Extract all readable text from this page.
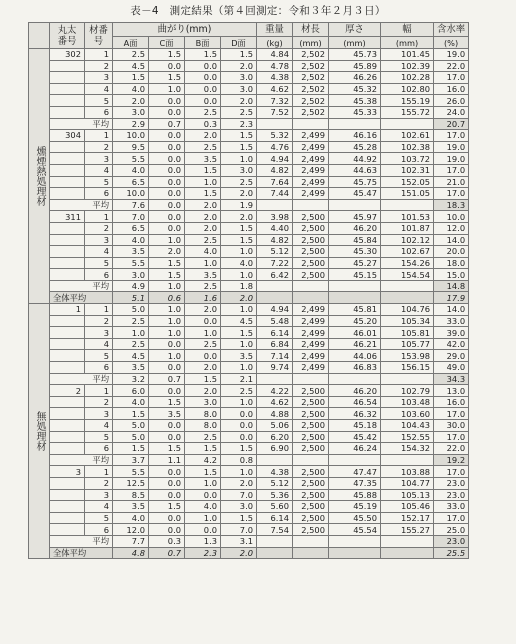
表－4　測定結果（第４回測定：令和３年２月３日）
	丸太番号	材番号	曲がり(mm)				重量	材長	厚さ	幅	含水率
			A面	C面	B面	D面	(kg)	(mm)	(mm)	(mm)	(%)
燻煙熱処理材	302	1	2.5	1.5	1.5	1.5	4.84	2,502	45.73	101.45	19.0
		2	4.5	0.0	0.0	2.0	4.78	2,502	45.89	102.39	22.0
		3	1.5	1.5	0.0	3.0	4.38	2,502	46.26	102.28	17.0
		4	4.0	1.0	0.0	3.0	4.62	2,502	45.32	102.80	16.0
		5	2.0	0.0	0.0	2.0	7.32	2,502	45.38	155.19	26.0
		6	3.0	0.0	2.5	2.5	7.52	2,502	45.33	155.72	24.0
	平均		2.9	0.7	0.3	2.3					20.7
	304	1	10.0	0.0	2.0	1.5	5.32	2,499	46.16	102.61	17.0
		2	9.5	0.0	2.5	1.5	4.76	2,499	45.28	102.38	19.0
		3	5.5	0.0	3.5	1.0	4.94	2,499	44.92	103.72	19.0
		4	4.0	0.0	1.5	3.0	4.82	2,499	44.63	102.31	17.0
		5	6.5	0.0	1.0	2.5	7.64	2,499	45.75	152.05	21.0
		6	10.0	0.0	1.5	2.0	7.44	2,499	45.47	151.05	17.0
	平均		7.6	0.0	2.0	1.9					18.3
	311	1	7.0	0.0	2.0	2.0	3.98	2,500	45.97	101.53	10.0
		2	6.5	0.0	2.0	1.5	4.40	2,500	46.20	101.87	12.0
		3	4.0	1.0	2.5	1.5	4.82	2,500	45.84	102.12	14.0
		4	3.5	2.0	4.0	1.0	5.12	2,500	45.30	102.67	20.0
		5	5.5	1.5	1.0	4.0	7.22	2,500	45.27	154.26	18.0
		6	3.0	1.5	3.5	1.0	6.42	2,500	45.15	154.54	15.0
	平均		4.9	1.0	2.5	1.8					14.8
	全体平均		5.1	0.6	1.6	2.0					17.9
無処理材	1	1	5.0	1.0	2.0	1.0	4.94	2,499	45.81	104.76	14.0
		2	2.5	1.0	0.0	4.5	5.48	2,499	45.20	105.34	33.0
		3	1.0	1.0	1.0	1.5	6.14	2,499	46.01	105.81	39.0
		4	2.5	0.0	2.5	1.0	6.84	2,499	46.21	105.77	42.0
		5	4.5	1.0	0.0	3.5	7.14	2,499	44.06	153.98	29.0
		6	3.5	0.0	2.0	1.0	9.74	2,499	46.83	156.15	49.0
	平均		3.2	0.7	1.5	2.1					34.3
	2	1	6.0	0.0	2.0	2.5	4.22	2,500	46.20	102.79	13.0
		2	4.0	1.5	3.0	1.0	4.62	2,500	46.54	103.48	16.0
		3	1.5	3.5	8.0	0.0	4.88	2,500	46.32	103.60	17.0
		4	5.0	0.0	8.0	0.0	5.06	2,500	45.18	104.43	30.0
		5	5.0	0.0	2.5	0.0	6.20	2,500	45.42	152.55	17.0
		6	1.5	1.5	1.5	1.5	6.90	2,500	46.24	154.32	22.0
	平均		3.7	1.1	4.2	0.8					19.2
	3	1	5.5	0.0	1.5	1.0	4.38	2,500	47.47	103.88	17.0
		2	12.5	0.0	1.0	2.0	5.12	2,500	47.35	104.77	23.0
		3	8.5	0.0	0.0	7.0	5.36	2,500	45.88	105.13	23.0
		4	3.5	1.5	4.0	3.0	5.60	2,500	45.19	105.46	33.0
		5	4.0	0.0	1.0	1.5	6.14	2,500	45.50	152.17	17.0
		6	12.0	0.0	0.0	7.0	7.54	2,500	45.54	155.27	25.0
	平均		7.7	0.3	1.3	3.1					23.0
	全体平均		4.8	0.7	2.3	2.0					25.5
